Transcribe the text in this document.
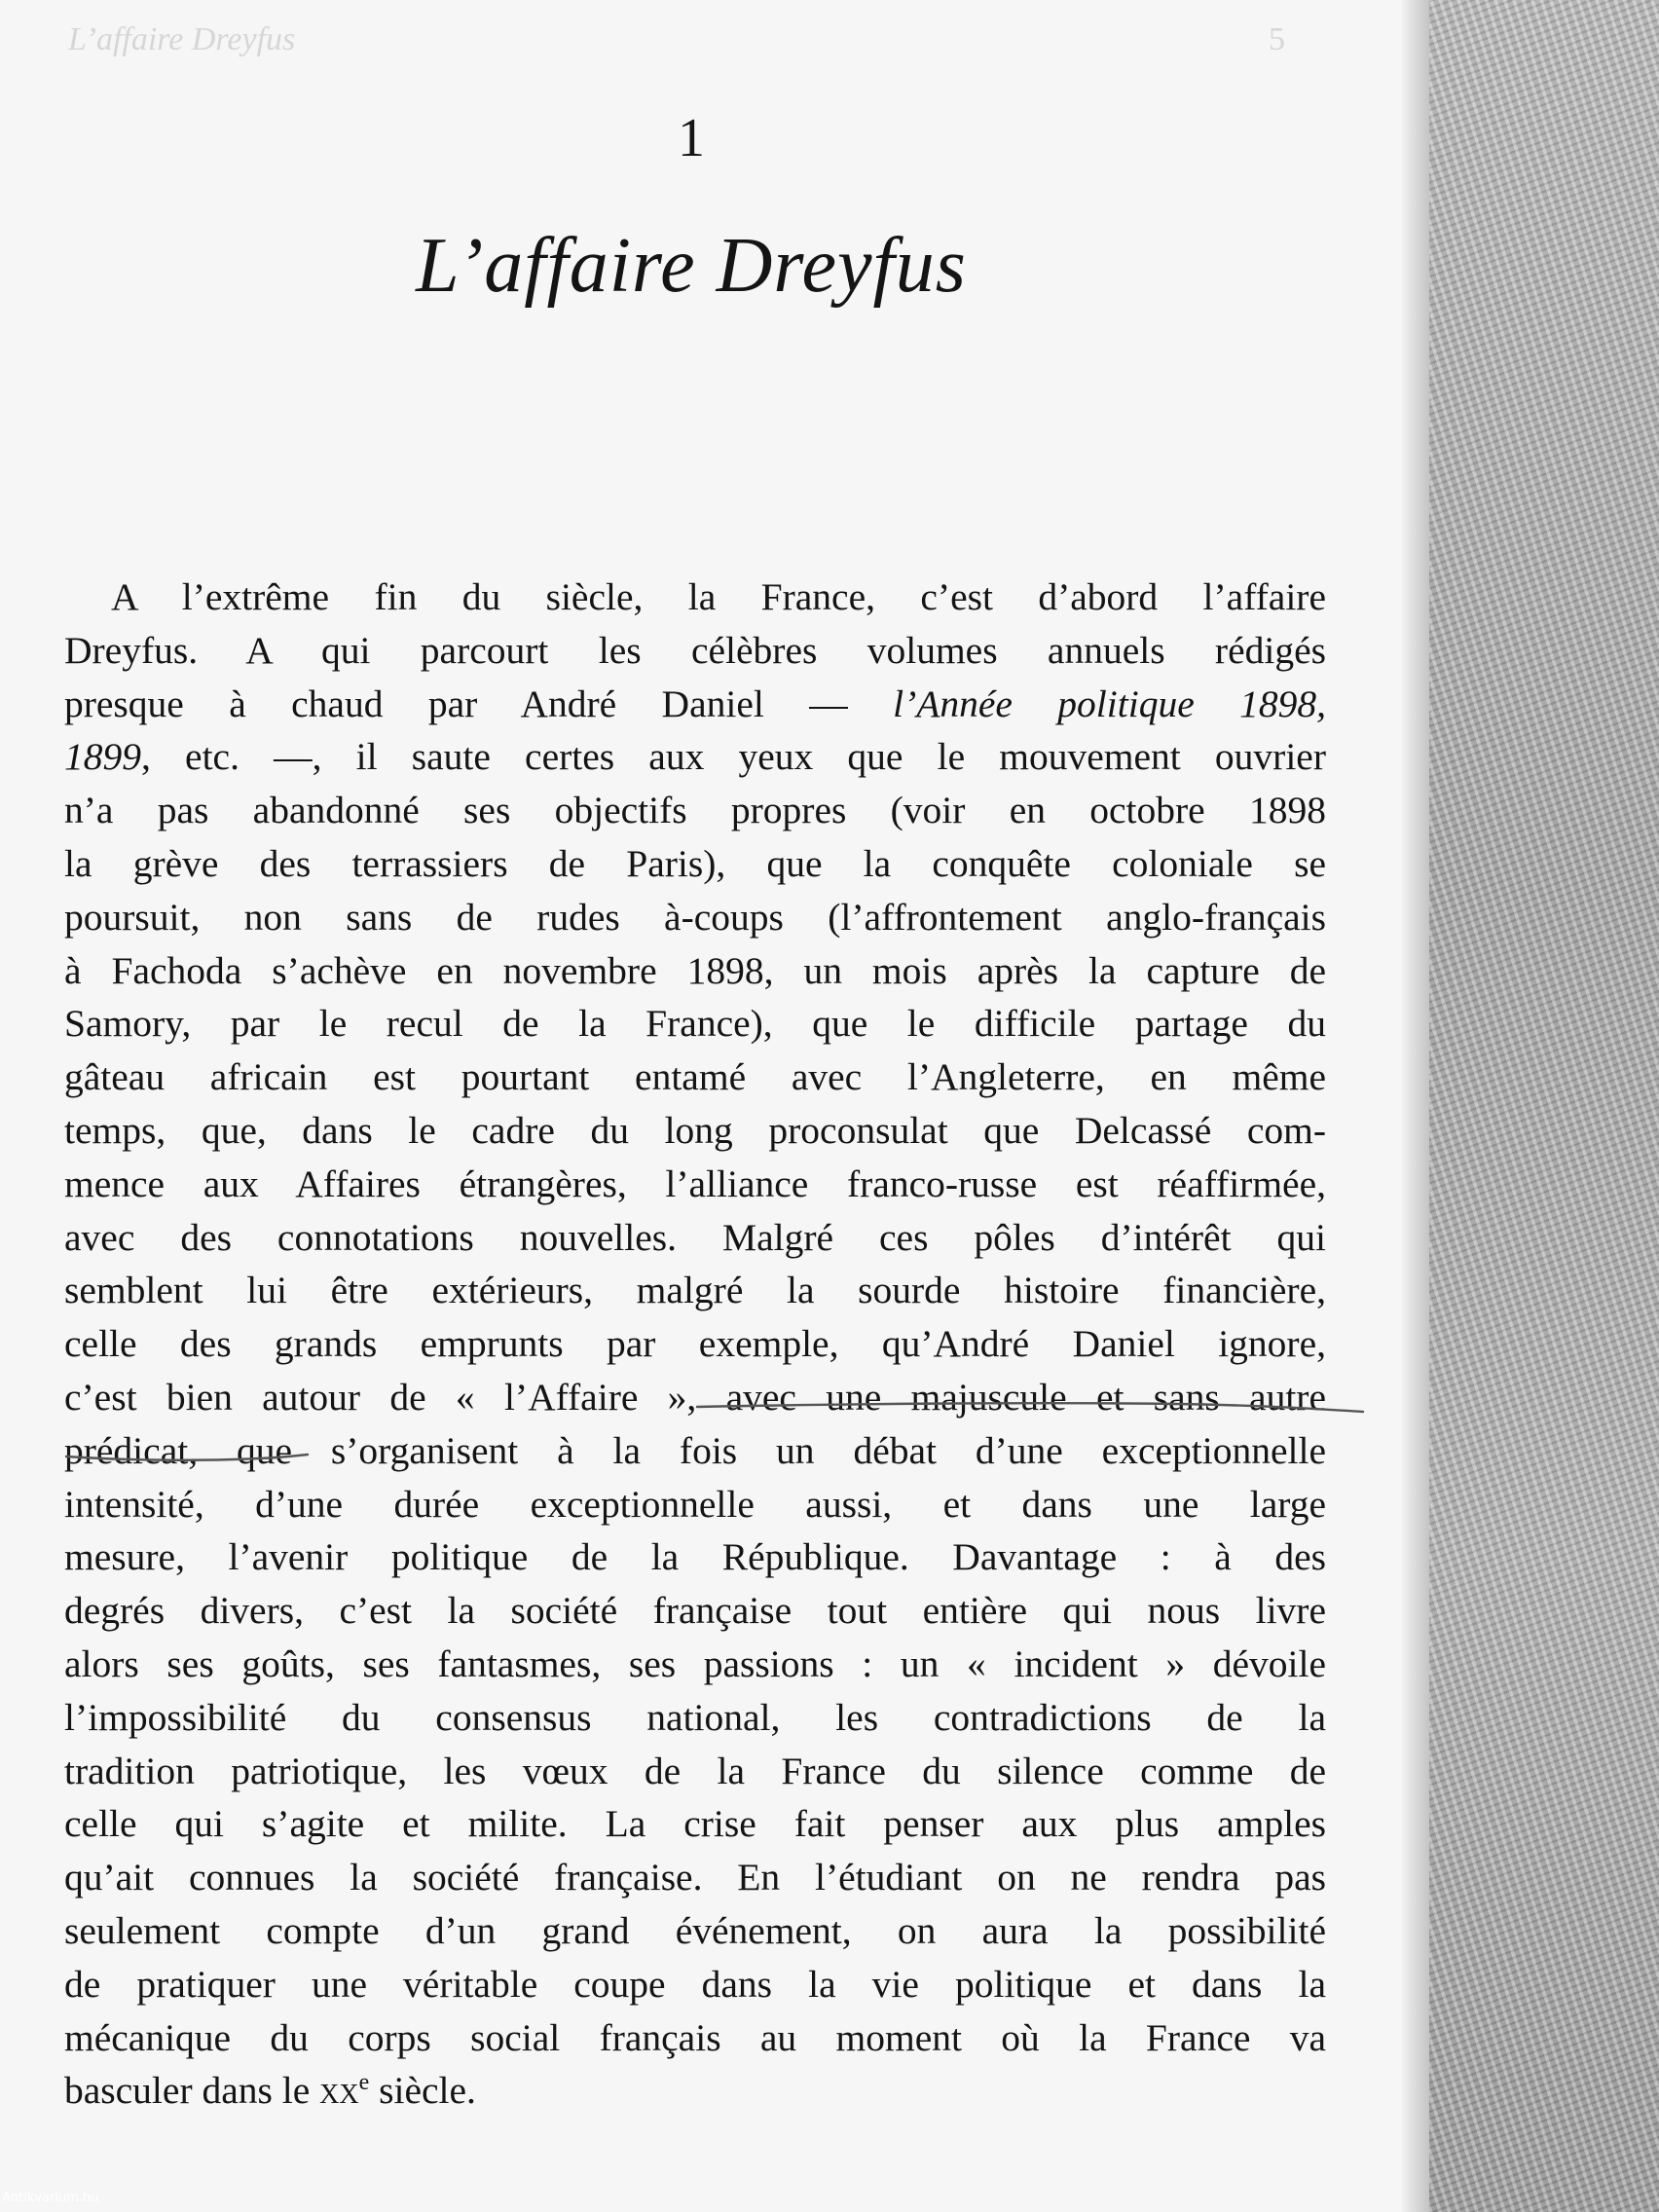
L’affaire Dreyfus	5
1
L’affaire Dreyfus
A l’extrême fin du siècle, la France, c’est d’abord l’affaire
Dreyfus. A qui parcourt les célèbres volumes annuels rédigés
presque à chaud par André Daniel — l’Année politique 1898,
1899, etc. —, il saute certes aux yeux que le mouvement ouvrier
n’a pas abandonné ses objectifs propres (voir en octobre 1898
la grève des terrassiers de Paris), que la conquête coloniale se
poursuit, non sans de rudes à-coups (l’affrontement anglo-français
à Fachoda s’achève en novembre 1898, un mois après la capture de
Samory, par le recul de la France), que le difficile partage du
gâteau africain est pourtant entamé avec l’Angleterre, en même
temps, que, dans le cadre du long proconsulat que Delcassé com-
mence aux Affaires étrangères, l’alliance franco-russe est réaffirmée,
avec des connotations nouvelles. Malgré ces pôles d’intérêt qui
semblent lui être extérieurs, malgré la sourde histoire financière,
celle des grands emprunts par exemple, qu’André Daniel ignore,
c’est bien autour de « l’Affaire », avec une majuscule et sans autre
prédicat, que s’organisent à la fois un débat d’une exceptionnelle
intensité, d’une durée exceptionnelle aussi, et dans une large
mesure, l’avenir politique de la République. Davantage : à des
degrés divers, c’est la société française tout entière qui nous livre
alors ses goûts, ses fantasmes, ses passions : un « incident » dévoile
l’impossibilité du consensus national, les contradictions de la
tradition patriotique, les vœux de la France du silence comme de
celle qui s’agite et milite. La crise fait penser aux plus amples
qu’ait connues la société française. En l’étudiant on ne rendra pas
seulement compte d’un grand événement, on aura la possibilité
de pratiquer une véritable coupe dans la vie politique et dans la
mécanique du corps social français au moment où la France va
basculer dans le $xx^e$ siècle.
Antikvarium.hu
